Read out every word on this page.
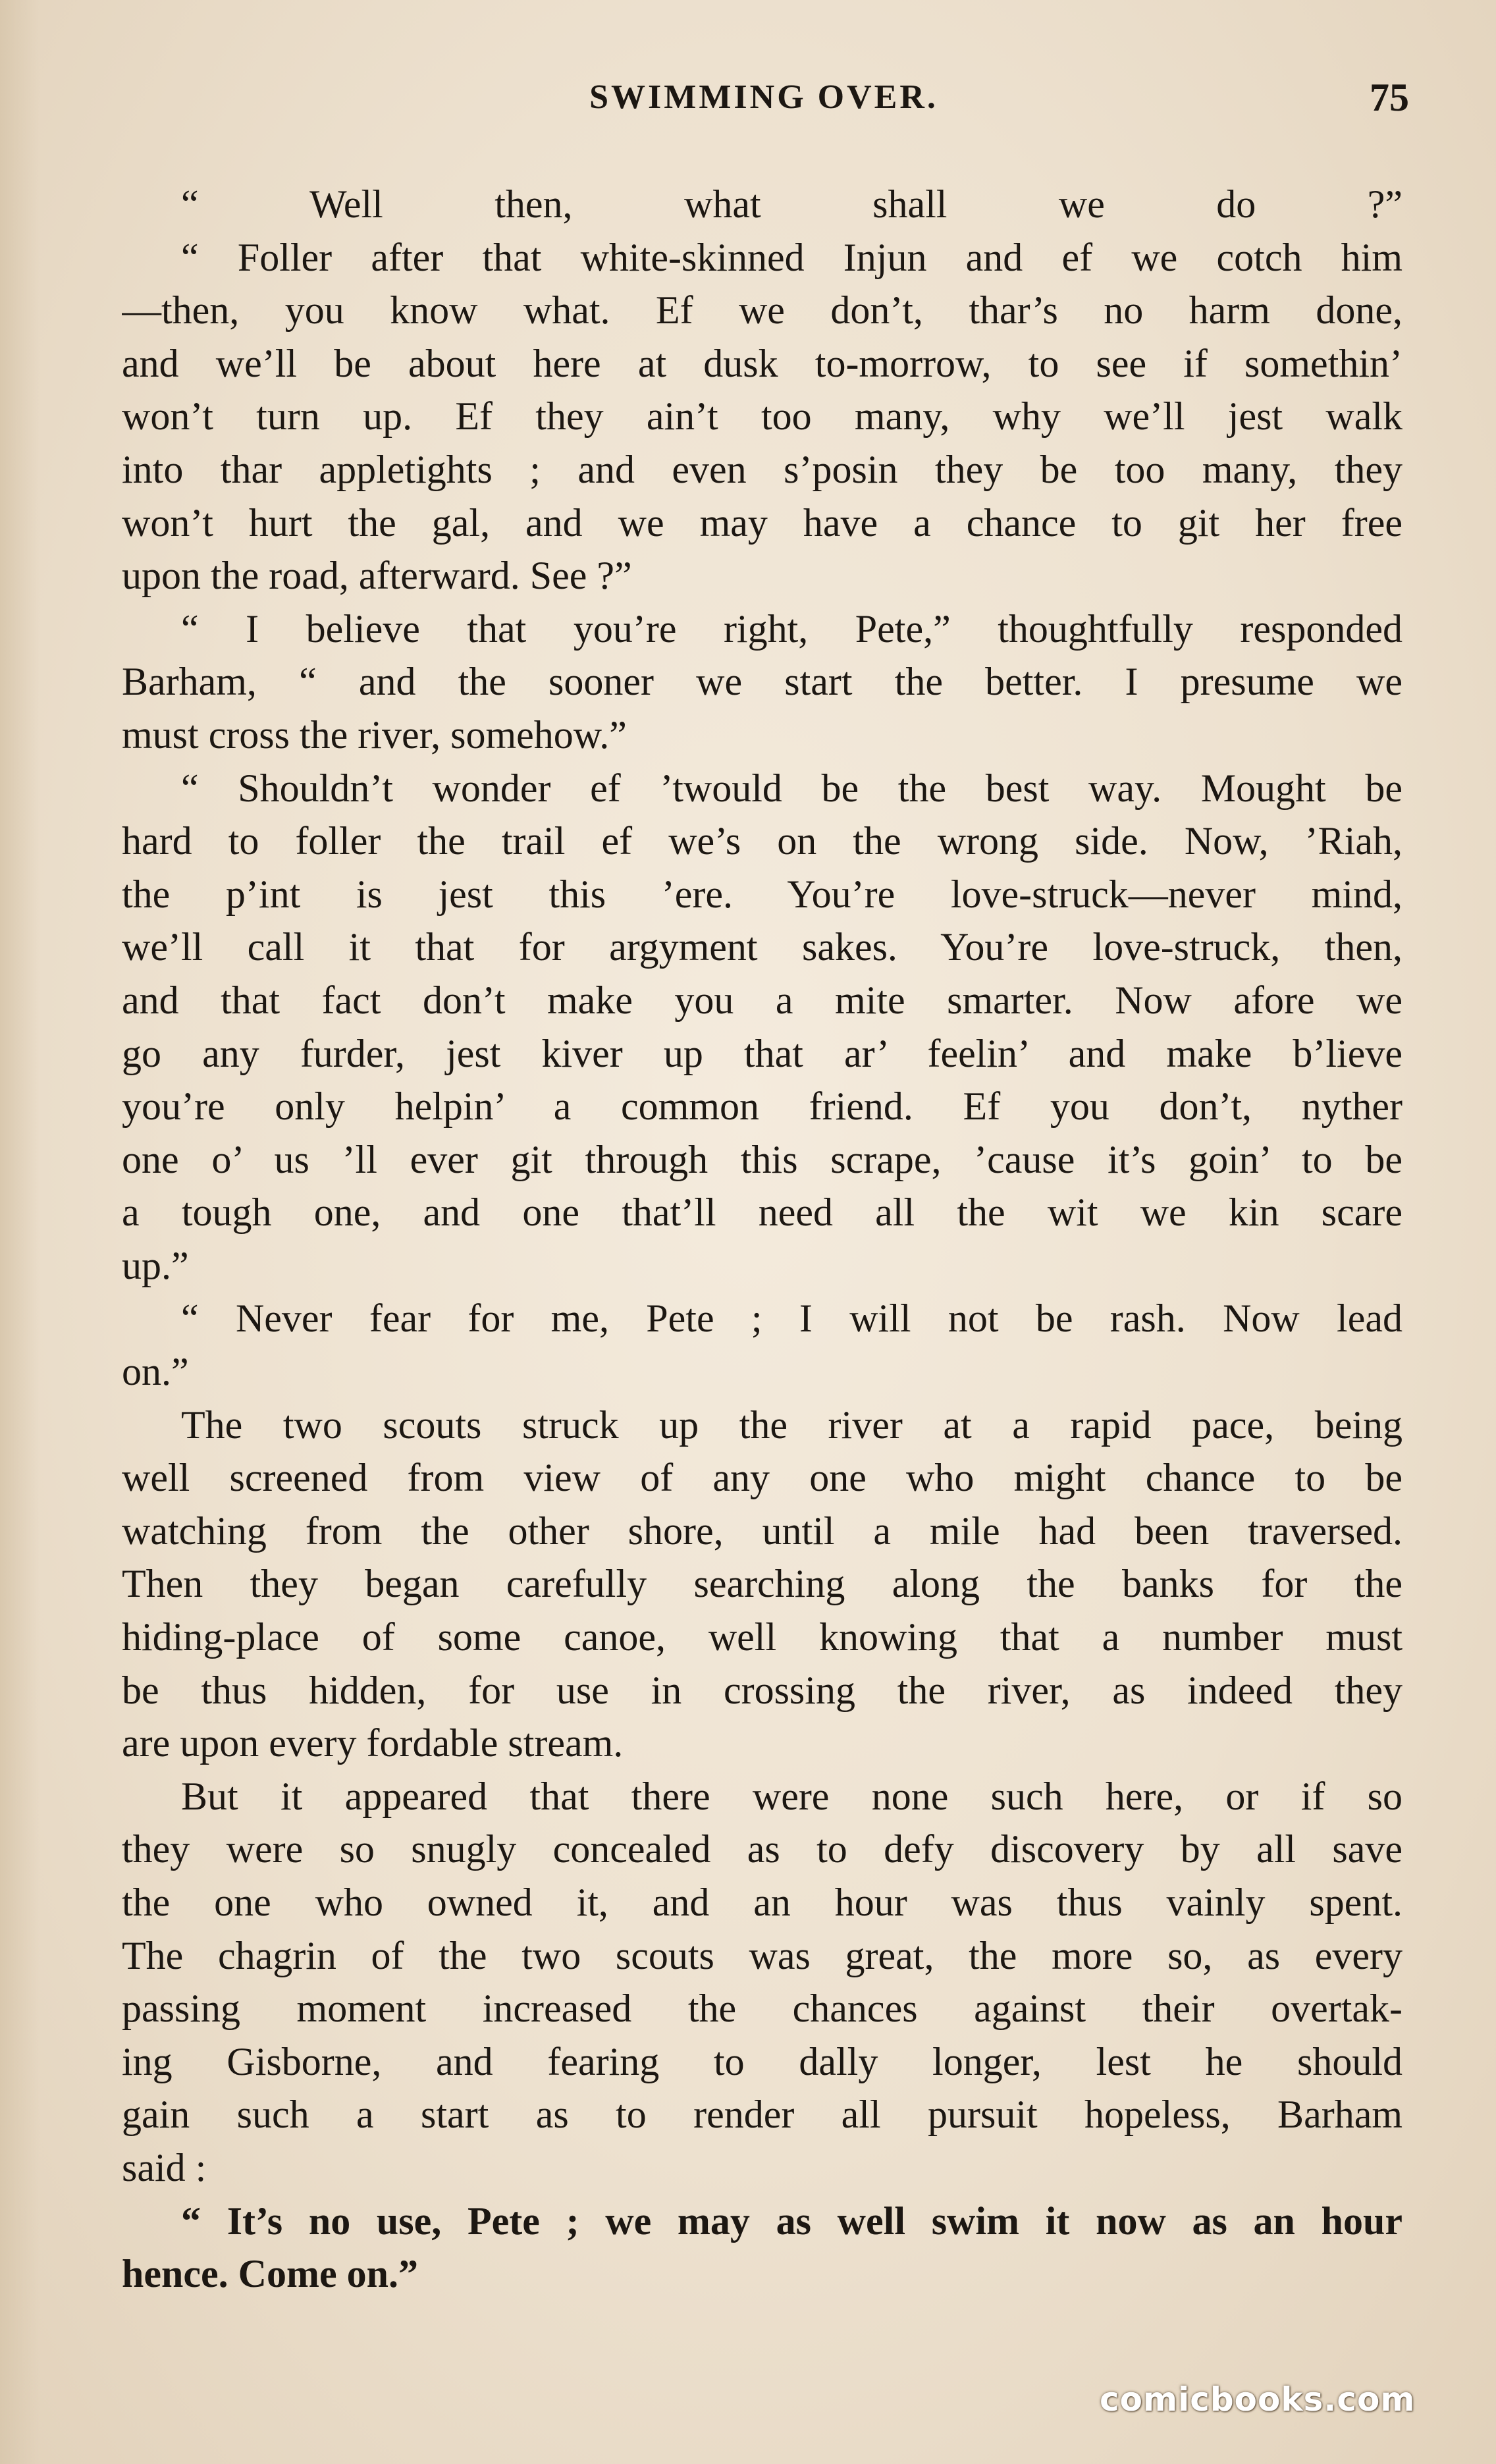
SWIMMING OVER.	75
“ Well then, what shall we do ?”
“ Foller after that white-skinned Injun and ef we cotch him
—then, you know what. Ef we don’t, thar’s no harm done,
and we’ll be about here at dusk to-morrow, to see if somethin’
won’t turn up. Ef they ain’t too many, why we’ll jest walk
into thar appletights ; and even s’posin they be too many, they
won’t hurt the gal, and we may have a chance to git her free
upon the road, afterward. See ?”
“ I believe that you’re right, Pete,” thoughtfully responded
Barham, “ and the sooner we start the better. I presume we
must cross the river, somehow.”
“ Shouldn’t wonder ef ’twould be the best way. Mought be
hard to foller the trail ef we’s on the wrong side. Now, ’Riah,
the p’int is jest this ’ere. You’re love-struck—never mind,
we’ll call it that for argyment sakes. You’re love-struck, then,
and that fact don’t make you a mite smarter. Now afore we
go any furder, jest kiver up that ar’ feelin’ and make b’lieve
you’re only helpin’ a common friend. Ef you don’t, nyther
one o’ us ’ll ever git through this scrape, ’cause it’s goin’ to be
a tough one, and one that’ll need all the wit we kin scare
up.”
“ Never fear for me, Pete ; I will not be rash. Now lead
on.”
The two scouts struck up the river at a rapid pace, being
well screened from view of any one who might chance to be
watching from the other shore, until a mile had been traversed.
Then they began carefully searching along the banks for the
hiding-place of some canoe, well knowing that a number must
be thus hidden, for use in crossing the river, as indeed they
are upon every fordable stream.
But it appeared that there were none such here, or if so
they were so snugly concealed as to defy discovery by all save
the one who owned it, and an hour was thus vainly spent.
The chagrin of the two scouts was great, the more so, as every
passing moment increased the chances against their overtak-
ing Gisborne, and fearing to dally longer, lest he should
gain such a start as to render all pursuit hopeless, Barham
said :
“ It’s no use, Pete ; we may as well swim it now as an hour
hence. Come on.”
comicbooks.com
